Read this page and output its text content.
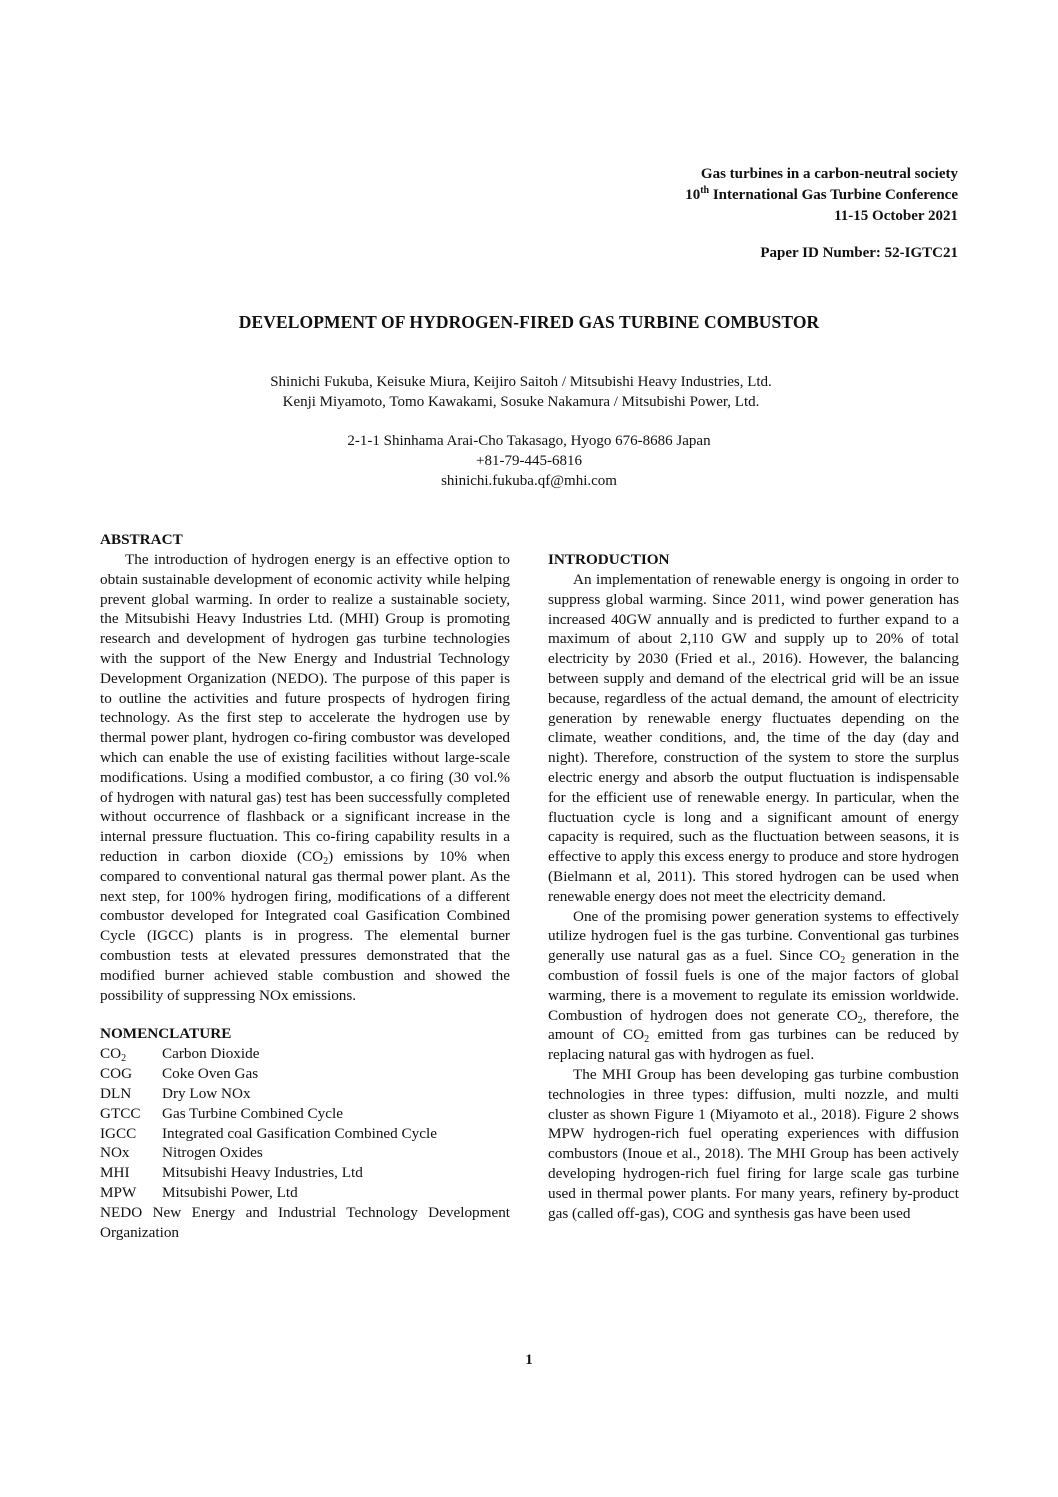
Gas turbines in a carbon-neutral society
10th International Gas Turbine Conference
11-15 October 2021
Paper ID Number: 52-IGTC21
DEVELOPMENT OF HYDROGEN-FIRED GAS TURBINE COMBUSTOR
Shinichi Fukuba, Keisuke Miura, Keijiro Saitoh / Mitsubishi Heavy Industries, Ltd.
Kenji Miyamoto, Tomo Kawakami, Sosuke Nakamura / Mitsubishi Power, Ltd.
2-1-1 Shinhama Arai-Cho Takasago, Hyogo 676-8686 Japan
+81-79-445-6816
shinichi.fukuba.qf@mhi.com
ABSTRACT

The introduction of hydrogen energy is an effective option to obtain sustainable development of economic activity while helping prevent global warming. In order to realize a sustainable society, the Mitsubishi Heavy Industries Ltd. (MHI) Group is promoting research and development of hydrogen gas turbine technologies with the support of the New Energy and Industrial Technology Development Organization (NEDO). The purpose of this paper is to outline the activities and future prospects of hydrogen firing technology. As the first step to accelerate the hydrogen use by thermal power plant, hydrogen co-firing combustor was developed which can enable the use of existing facilities without large-scale modifications. Using a modified combustor, a co firing (30 vol.% of hydrogen with natural gas) test has been successfully completed without occurrence of flashback or a significant increase in the internal pressure fluctuation. This co-firing capability results in a reduction in carbon dioxide $(CO_2)$ emissions by 10% when compared to conventional natural gas thermal power plant. As the next step, for 100% hydrogen firing, modifications of a different combustor developed for Integrated coal Gasification Combined Cycle (IGCC) plants is in progress. The elemental burner combustion tests at elevated pressures demonstrated that the modified burner achieved stable combustion and showed the possibility of suppressing NOx emissions.

NOMENCLATURE
$CO_2$	Carbon Dioxide
COG	Coke Oven Gas
DLN	Dry Low NOx
GTCC	Gas Turbine Combined Cycle
IGCC	Integrated coal Gasification Combined Cycle
NOx	Nitrogen Oxides
MHI	Mitsubishi Heavy Industries, Ltd
MPW	Mitsubishi Power, Ltd
NEDO New Energy and Industrial Technology Development Organization
INTRODUCTION

An implementation of renewable energy is ongoing in order to suppress global warming. Since 2011, wind power generation has increased 40GW annually and is predicted to further expand to a maximum of about 2,110 GW and supply up to 20% of total electricity by 2030 (Fried et al., 2016). However, the balancing between supply and demand of the electrical grid will be an issue because, regardless of the actual demand, the amount of electricity generation by renewable energy fluctuates depending on the climate, weather conditions, and, the time of the day (day and night). Therefore, construction of the system to store the surplus electric energy and absorb the output fluctuation is indispensable for the efficient use of renewable energy. In particular, when the fluctuation cycle is long and a significant amount of energy capacity is required, such as the fluctuation between seasons, it is effective to apply this excess energy to produce and store hydrogen (Bielmann et al, 2011). This stored hydrogen can be used when renewable energy does not meet the electricity demand.

One of the promising power generation systems to effectively utilize hydrogen fuel is the gas turbine. Conventional gas turbines generally use natural gas as a fuel. Since $CO_2$ generation in the combustion of fossil fuels is one of the major factors of global warming, there is a movement to regulate its emission worldwide. Combustion of hydrogen does not generate $CO_2$, therefore, the amount of $CO_2$ emitted from gas turbines can be reduced by replacing natural gas with hydrogen as fuel.

The MHI Group has been developing gas turbine combustion technologies in three types: diffusion, multi nozzle, and multi cluster as shown Figure 1 (Miyamoto et al., 2018). Figure 2 shows MPW hydrogen-rich fuel operating experiences with diffusion combustors (Inoue et al., 2018). The MHI Group has been actively developing hydrogen-rich fuel firing for large scale gas turbine used in thermal power plants. For many years, refinery by-product gas (called off-gas), COG and synthesis gas have been used

1
